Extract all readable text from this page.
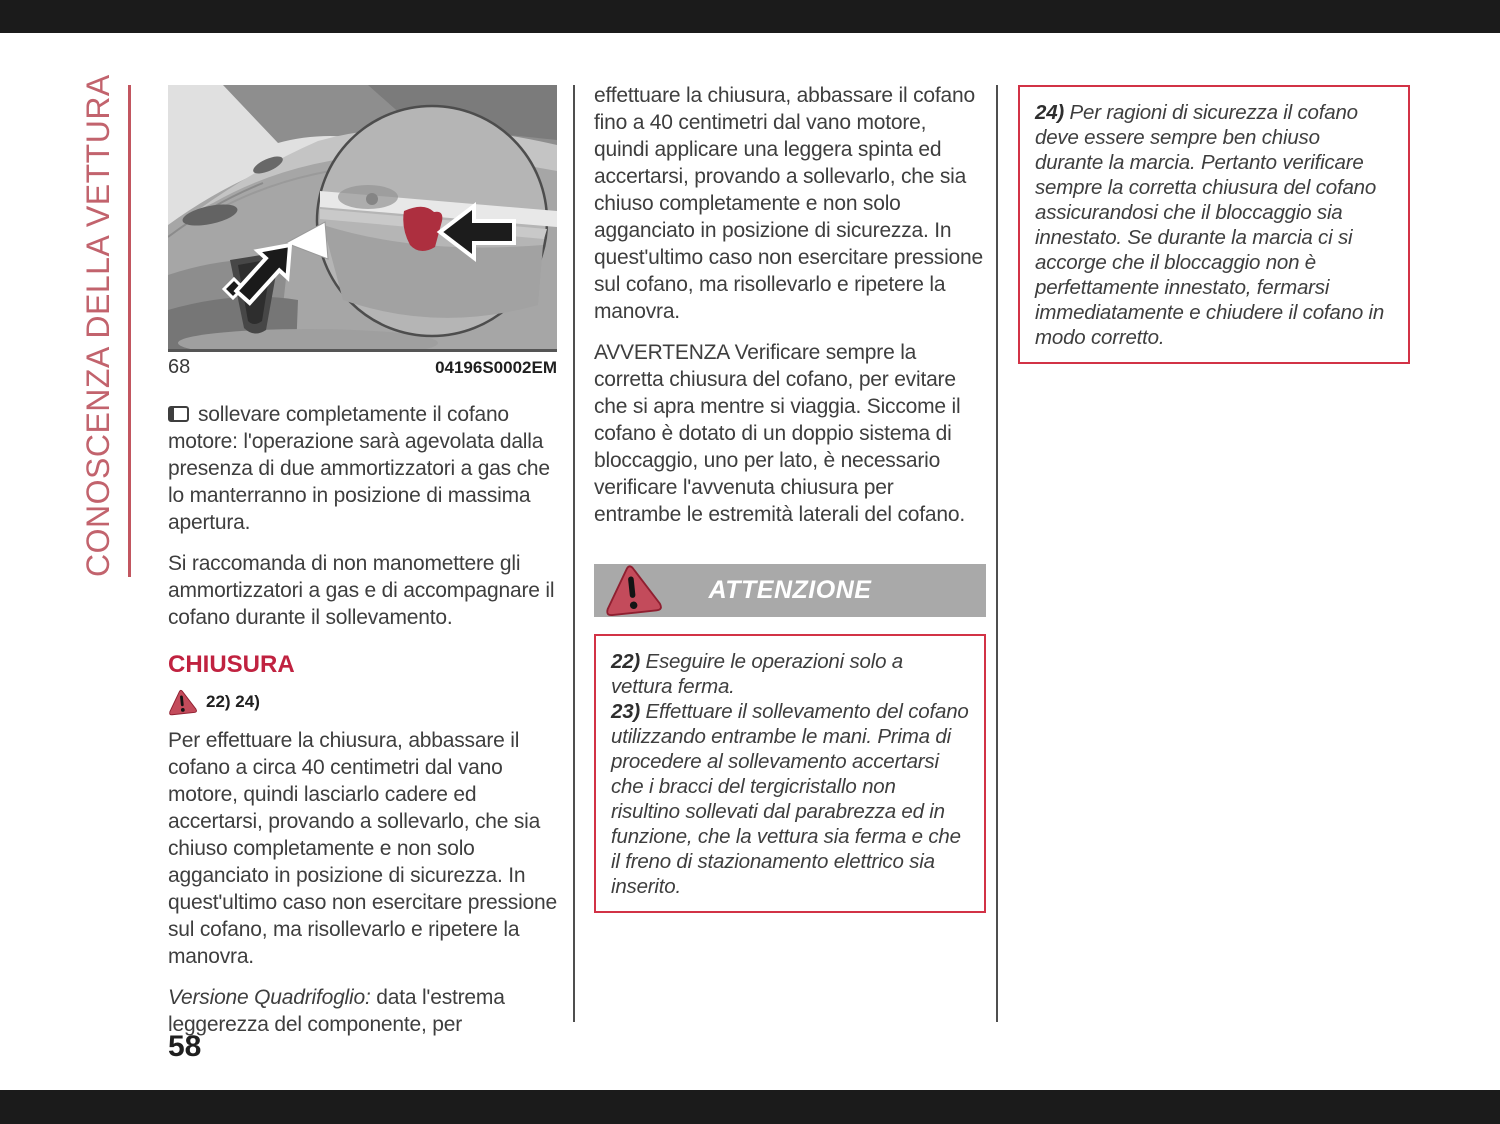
CONOSCENZA DELLA VETTURA	68	04196S0002EM

sollevare completamente il cofano motore: l'operazione sarà agevolata dalla presenza di due ammortizzatori a gas che lo manterranno in posizione di massima apertura.

Si raccomanda di non manomettere gli ammortizzatori a gas e di accompagnare il cofano durante il sollevamento.

CHIUSURA
22) 24)

Per effettuare la chiusura, abbassare il cofano a circa 40 centimetri dal vano motore, quindi lasciarlo cadere ed accertarsi, provando a sollevarlo, che sia chiuso completamente e non solo agganciato in posizione di sicurezza. In quest'ultimo caso non esercitare pressione sul cofano, ma risollevarlo e ripetere la manovra.

Versione Quadrifoglio: data l'estrema leggerezza del componente, per

effettuare la chiusura, abbassare il cofano fino a 40 centimetri dal vano motore, quindi applicare una leggera spinta ed accertarsi, provando a sollevarlo, che sia chiuso completamente e non solo agganciato in posizione di sicurezza. In quest'ultimo caso non esercitare pressione sul cofano, ma risollevarlo e ripetere la manovra.

AVVERTENZA Verificare sempre la corretta chiusura del cofano, per evitare che si apra mentre si viaggia. Siccome il cofano è dotato di un doppio sistema di bloccaggio, uno per lato, è necessario verificare l'avvenuta chiusura per entrambe le estremità laterali del cofano.

ATTENZIONE
22) Eseguire le operazioni solo a vettura ferma.
23) Effettuare il sollevamento del cofano utilizzando entrambe le mani. Prima di procedere al sollevamento accertarsi che i bracci del tergicristallo non risultino sollevati dal parabrezza ed in funzione, che la vettura sia ferma e che il freno di stazionamento elettrico sia inserito.
24) Per ragioni di sicurezza il cofano deve essere sempre ben chiuso durante la marcia. Pertanto verificare sempre la corretta chiusura del cofano assicurandosi che il bloccaggio sia innestato. Se durante la marcia ci si accorge che il bloccaggio non è perfettamente innestato, fermarsi immediatamente e chiudere il cofano in modo corretto.
58
